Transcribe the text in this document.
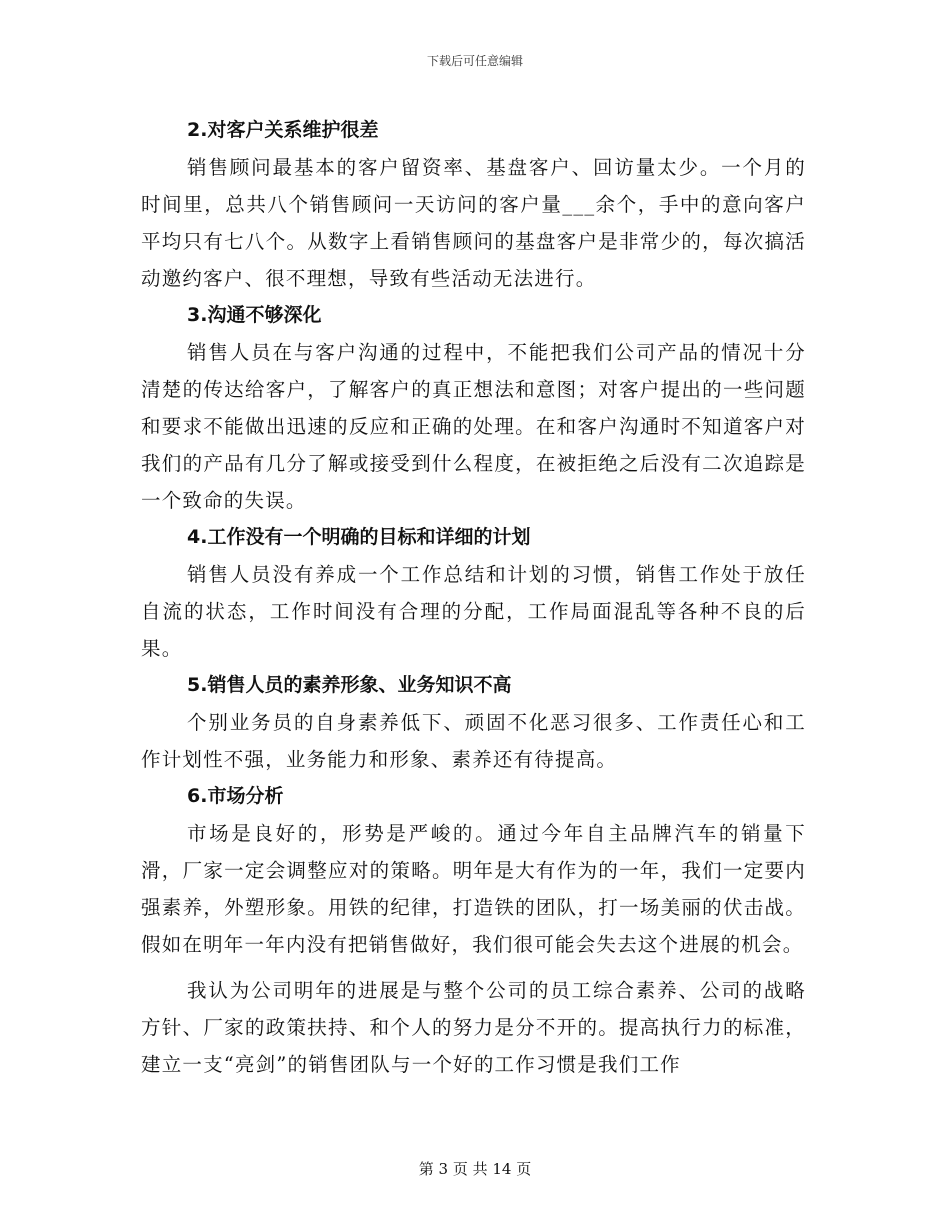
下载后可任意编辑
2.对客户关系维护很差

销售顾问最基本的客户留资率、基盘客户、回访量太少。一个月的时间里，总共八个销售顾问一天访问的客户量___余个，手中的意向客户平均只有七八个。从数字上看销售顾问的基盘客户是非常少的，每次搞活动邀约客户、很不理想，导致有些活动无法进行。

3.沟通不够深化

销售人员在与客户沟通的过程中，不能把我们公司产品的情况十分清楚的传达给客户，了解客户的真正想法和意图；对客户提出的一些问题和要求不能做出迅速的反应和正确的处理。在和客户沟通时不知道客户对我们的产品有几分了解或接受到什么程度，在被拒绝之后没有二次追踪是一个致命的失误。

4.工作没有一个明确的目标和详细的计划

销售人员没有养成一个工作总结和计划的习惯，销售工作处于放任自流的状态，工作时间没有合理的分配，工作局面混乱等各种不良的后果。

5.销售人员的素养形象、业务知识不高

个别业务员的自身素养低下、顽固不化恶习很多、工作责任心和工作计划性不强，业务能力和形象、素养还有待提高。

6.市场分析

市场是良好的，形势是严峻的。通过今年自主品牌汽车的销量下滑，厂家一定会调整应对的策略。明年是大有作为的一年，我们一定要内强素养，外塑形象。用铁的纪律，打造铁的团队，打一场美丽的伏击战。假如在明年一年内没有把销售做好，我们很可能会失去这个进展的机会。

我认为公司明年的进展是与整个公司的员工综合素养、公司的战略方针、厂家的政策扶持、和个人的努力是分不开的。提高执行力的标准，建立一支“亮剑”的销售团队与一个好的工作习惯是我们工作

第 3 页 共 14 页
